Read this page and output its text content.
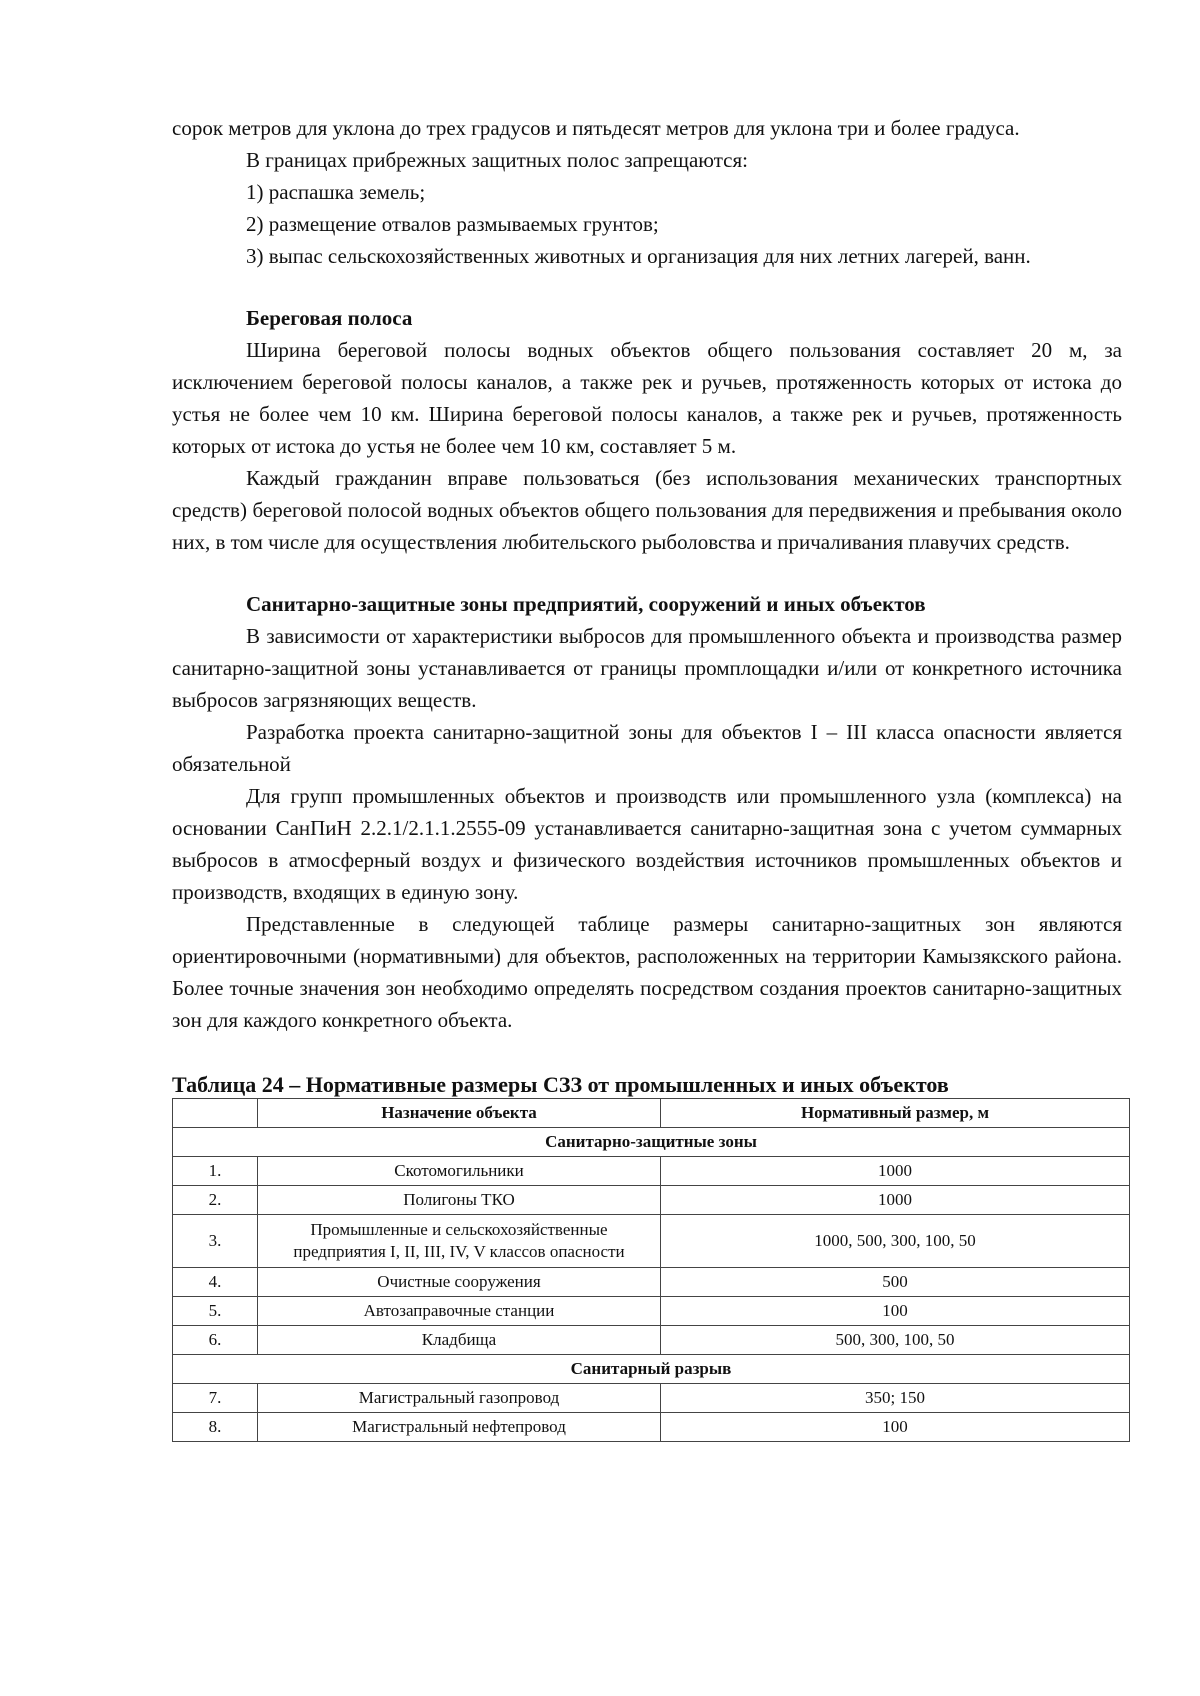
сорок метров для уклона до трех градусов и пятьдесят метров для уклона три и более градуса.

В границах прибрежных защитных полос запрещаются:

1) распашка земель;

2) размещение отвалов размываемых грунтов;

3) выпас сельскохозяйственных животных и организация для них летних лагерей, ванн.

Береговая полоса

Ширина береговой полосы водных объектов общего пользования составляет 20 м, за исключением береговой полосы каналов, а также рек и ручьев, протяженность которых от истока до устья не более чем 10 км. Ширина береговой полосы каналов, а также рек и ручьев, протяженность которых от истока до устья не более чем 10 км, составляет 5 м.

Каждый гражданин вправе пользоваться (без использования механических транспортных средств) береговой полосой водных объектов общего пользования для передвижения и пребывания около них, в том числе для осуществления любительского рыболовства и причаливания плавучих средств.

Санитарно-защитные зоны предприятий, сооружений и иных объектов

В зависимости от характеристики выбросов для промышленного объекта и производства размер санитарно-защитной зоны устанавливается от границы промплощадки и/или от конкретного источника выбросов загрязняющих веществ.

Разработка проекта санитарно-защитной зоны для объектов I – III класса опасности является обязательной

Для групп промышленных объектов и производств или промышленного узла (комплекса) на основании СанПиН 2.2.1/2.1.1.2555-09 устанавливается санитарно-защитная зона с учетом суммарных выбросов в атмосферный воздух и физического воздействия источников промышленных объектов и производств, входящих в единую зону.

Представленные в следующей таблице размеры санитарно-защитных зон являются ориентировочными (нормативными) для объектов, расположенных на территории Камызякского района. Более точные значения зон необходимо определять посредством создания проектов санитарно-защитных зон для каждого конкретного объекта.

Таблица 24 – Нормативные размеры СЗЗ от промышленных и иных объектов
	Назначение объекта	Нормативный размер, м
Санитарно-защитные зоны		
1.	Скотомогильники	1000
2.	Полигоны ТКО	1000
3.	Промышленные и сельскохозяйственные предприятия I, II, III, IV, V классов опасности	1000, 500, 300, 100, 50
4.	Очистные сооружения	500
5.	Автозаправочные станции	100
6.	Кладбища	500, 300, 100, 50
Санитарный разрыв		
7.	Магистральный газопровод	350; 150
8.	Магистральный нефтепровод	100
